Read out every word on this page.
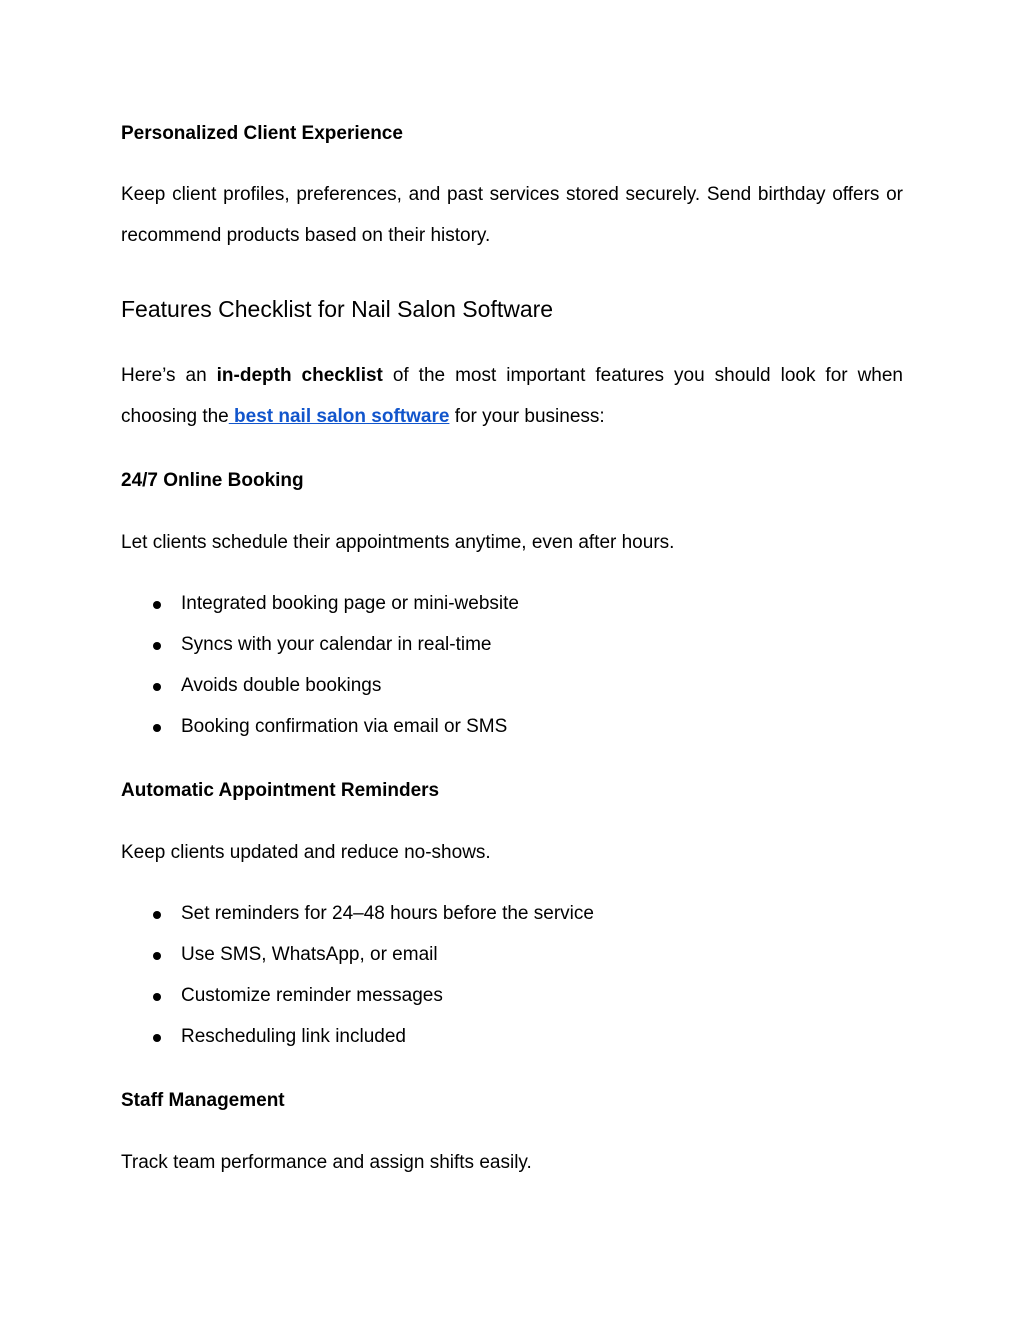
Personalized Client Experience
Keep client profiles, preferences, and past services stored securely. Send birthday offers or recommend products based on their history.
Features Checklist for Nail Salon Software
Here’s an in-depth checklist of the most important features you should look for when choosing the best nail salon software for your business:
24/7 Online Booking
Let clients schedule their appointments anytime, even after hours.
Integrated booking page or mini-website
Syncs with your calendar in real-time
Avoids double bookings
Booking confirmation via email or SMS
Automatic Appointment Reminders
Keep clients updated and reduce no-shows.
Set reminders for 24–48 hours before the service
Use SMS, WhatsApp, or email
Customize reminder messages
Rescheduling link included
Staff Management
Track team performance and assign shifts easily.
